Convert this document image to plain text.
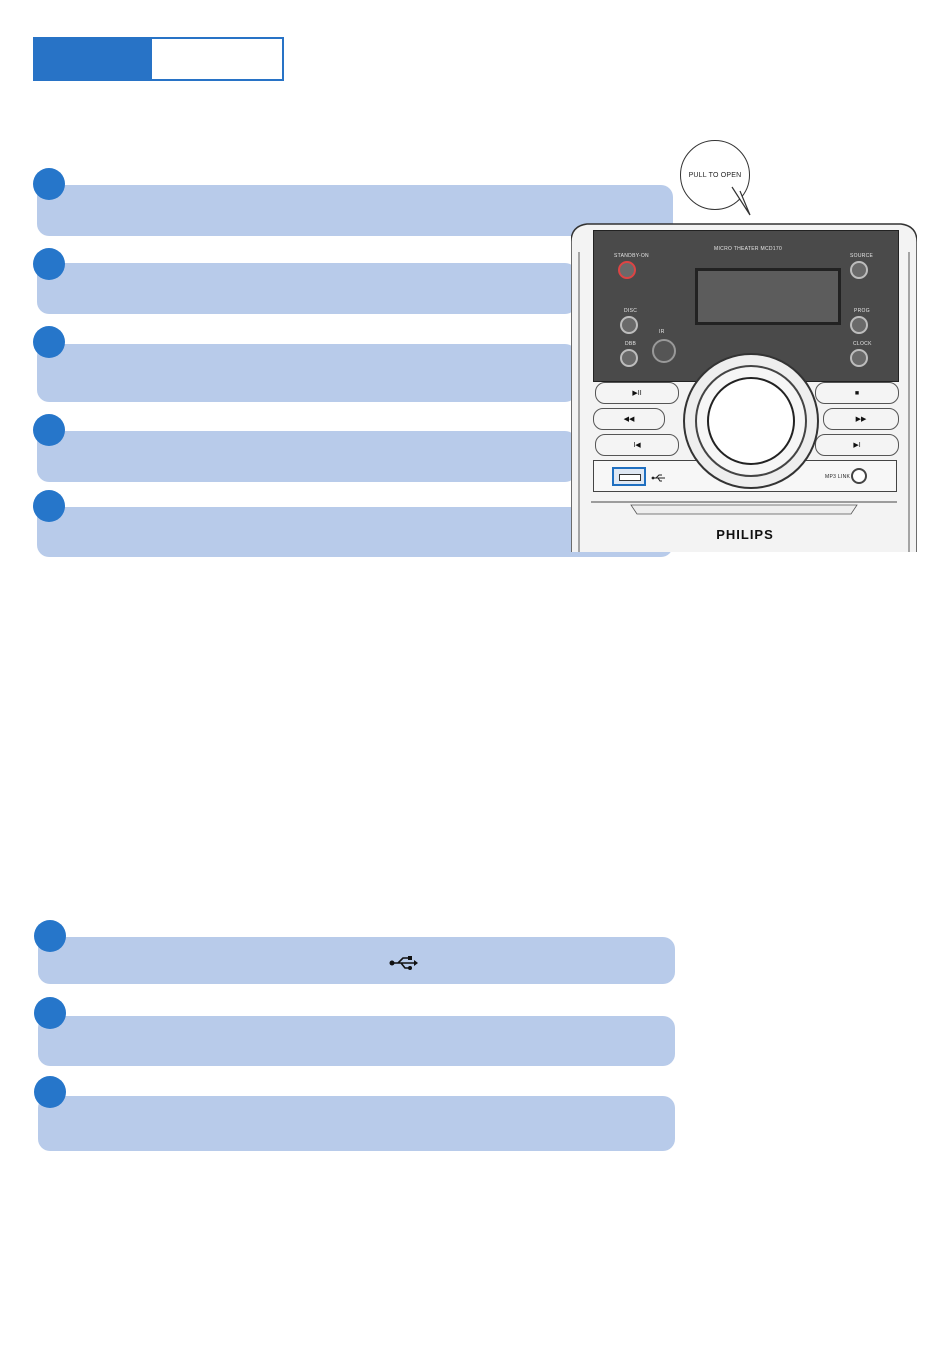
PULL TO OPEN
MICRO THEATER MCD170
STANDBY-ON	SOURCE
DISC	PROG
DBB	CLOCK
IR
▶II	■
◀◀	▶▶
I◀	▶I
MP3 LINK
PHILIPS
